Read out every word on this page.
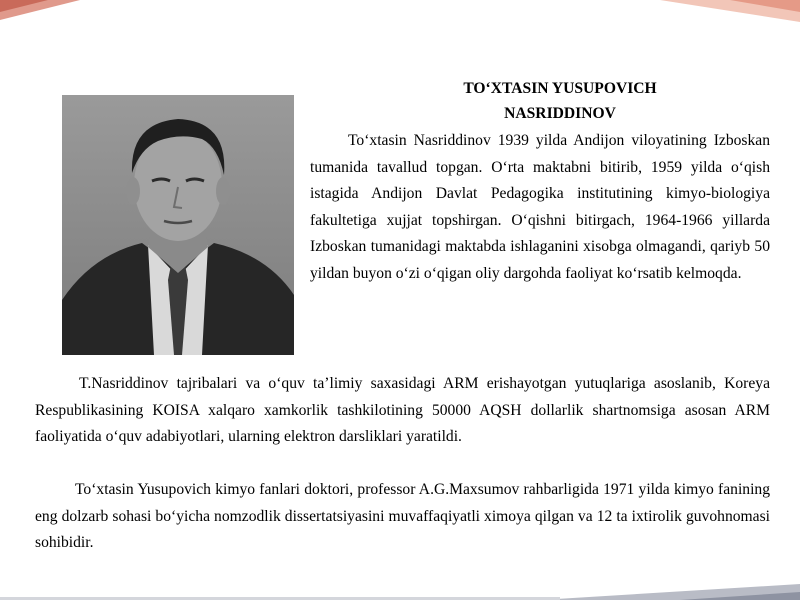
TOʻXTASIN YUSUPOVICH
NASRIDDINOV

Toʻxtasin Nasriddinov 1939 yilda Andijon viloyatining Izboskan tumanida tavallud topgan. Oʻrta maktabni bitirib, 1959 yilda oʻqish istagida Andijon Davlat Pedagogika institutining kimyo-biologiya fakultetiga xujjat topshirgan. Oʻqishni bitirgach, 1964-1966 yillarda Izboskan tumanidagi maktabda ishlaganini xisobga olmagandi, qariyb 50 yildan buyon oʻzi oʻqigan oliy dargohda faoliyat koʻrsatib kelmoqda.

T.Nasriddinov tajribalari va oʻquv taʼlimiy saxasidagi ARM erishayotgan yutuqlariga asoslanib, Koreya Respublikasining KOISA xalqaro xamkorlik tashkilotining 50000 AQSH dollarlik shartnomsiga asosan ARM faoliyatida oʻquv adabiyotlari, ularning elektron darsliklari yaratildi.

Toʻxtasin Yusupovich kimyo fanlari doktori, professor A.G.Maxsumov rahbarligida 1971 yilda kimyo fanining eng dolzarb sohasi boʻyicha nomzodlik dissertatsiyasini muvaffaqiyatli ximoya qilgan va 12 ta ixtirolik guvohnomasi sohibidir.
